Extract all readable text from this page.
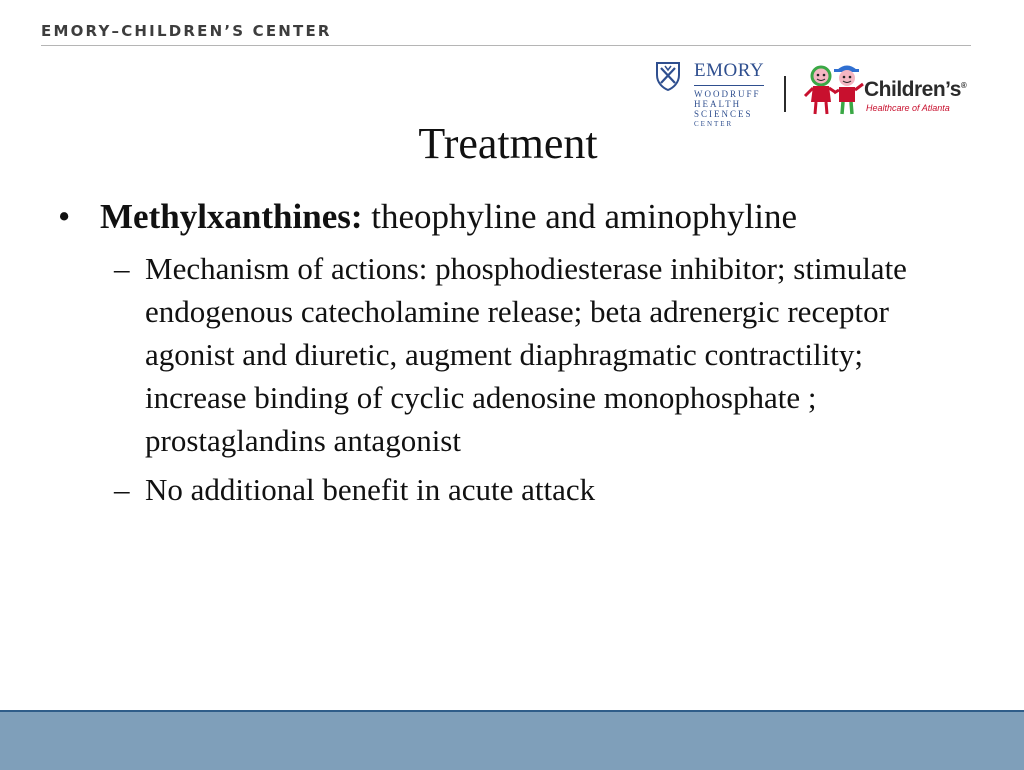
EMORY–CHILDREN’S CENTER
EMORY
WOODRUFF
HEALTH
SCIENCES
CENTER
Children’s®
Healthcare of Atlanta
Treatment
• Methylxanthines: theophyline and aminophyline
– Mechanism of actions: phosphodiesterase inhibitor; stimulate endogenous catecholamine release; beta adrenergic receptor agonist and diuretic, augment diaphragmatic contractility; increase binding of cyclic adenosine monophosphate ; prostaglandins antagonist
– No additional benefit in acute attack
